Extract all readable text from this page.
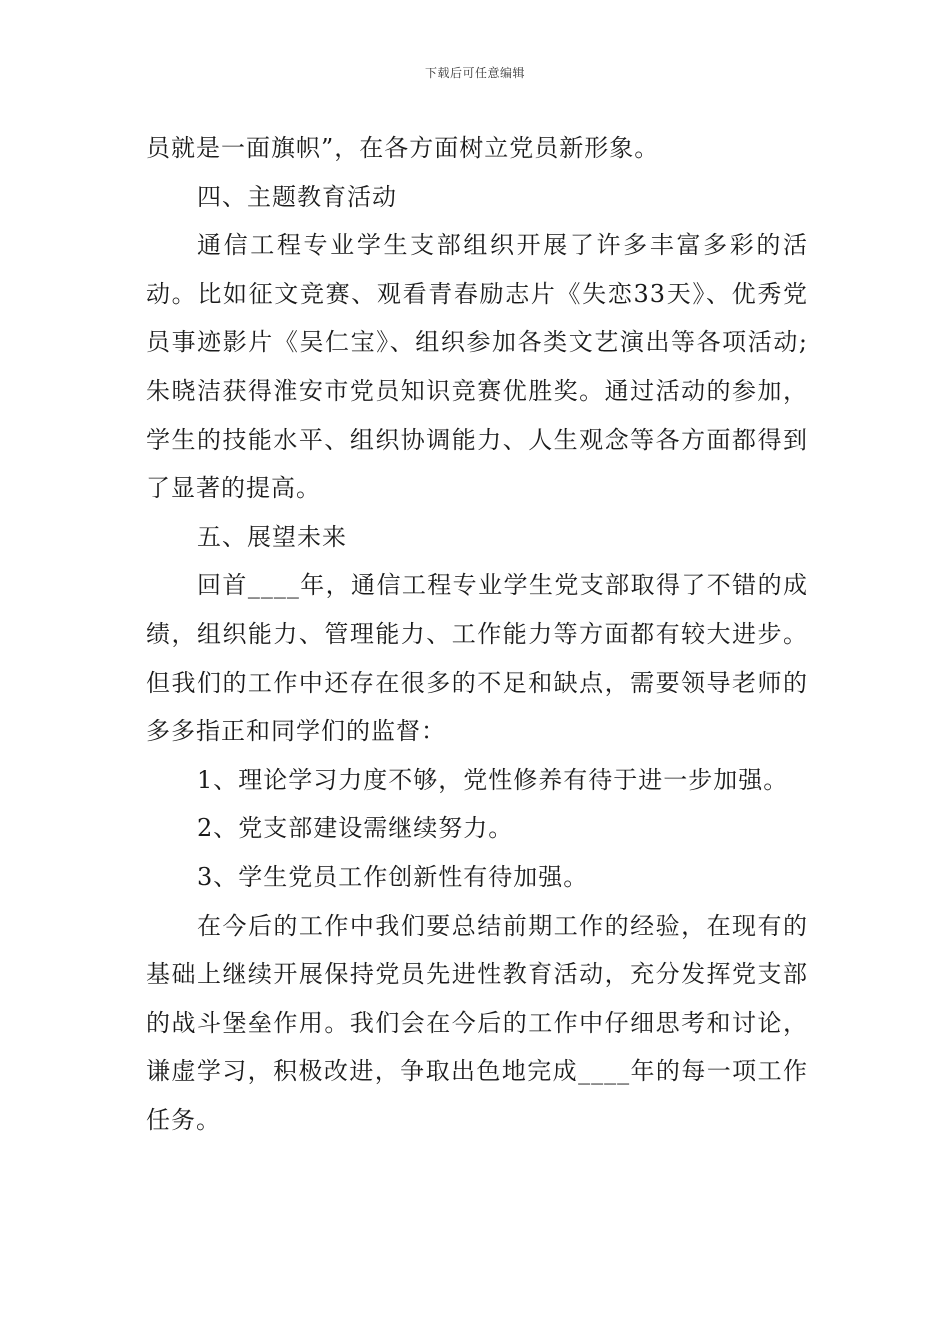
下载后可任意编辑

员就是一面旗帜”，在各方面树立党员新形象。

四、主题教育活动

通信工程专业学生支部组织开展了许多丰富多彩的活动。比如征文竞赛、观看青春励志片《失恋33天》、优秀党员事迹影片《吴仁宝》、组织参加各类文艺演出等各项活动;朱晓洁获得淮安市党员知识竞赛优胜奖。通过活动的参加，学生的技能水平、组织协调能力、人生观念等各方面都得到了显著的提高。

五、展望未来

回首____年，通信工程专业学生党支部取得了不错的成绩，组织能力、管理能力、工作能力等方面都有较大进步。但我们的工作中还存在很多的不足和缺点，需要领导老师的多多指正和同学们的监督：

1、理论学习力度不够，党性修养有待于进一步加强。

2、党支部建设需继续努力。

3、学生党员工作创新性有待加强。

在今后的工作中我们要总结前期工作的经验，在现有的基础上继续开展保持党员先进性教育活动，充分发挥党支部的战斗堡垒作用。我们会在今后的工作中仔细思考和讨论，谦虚学习，积极改进，争取出色地完成____年的每一项工作任务。
